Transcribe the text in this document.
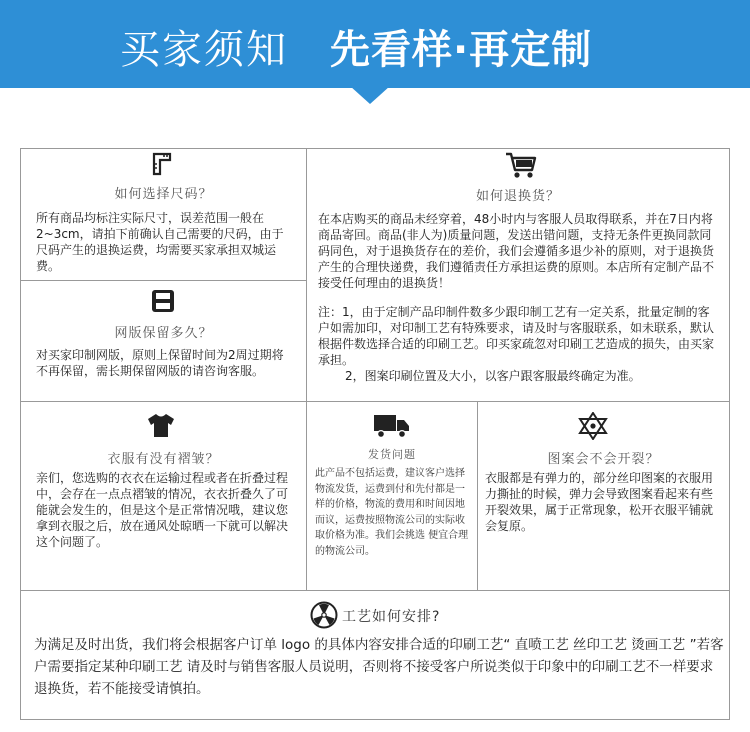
买家须知 先看样·再定制
如何选择尺码？
所有商品均标注实际尺寸，误差范围一般在2~3cm，请拍下前确认自己需要的尺码，由于尺码产生的退换运费，均需要买家承担双城运费。
如何退换货？
在本店购买的商品未经穿着，48小时内与客服人员取得联系，并在7日内将商品寄回。商品(非人为)质量问题，发送出错问题，支持无条件更换同款同码同色，对于退换货存在的差价，我们会遵循多退少补的原则，对于退换货产生的合理快递费，我们遵循责任方承担运费的原则。本店所有定制产品不接受任何理由的退换货！
注：1，由于定制产品印制件数多少跟印制工艺有一定关系，批量定制的客户如需加印，对印制工艺有特殊要求，请及时与客服联系，如未联系，默认根据件数选择合适的印刷工艺。印买家疏忽对印刷工艺造成的损失，由买家承担。
2，图案印刷位置及大小，以客户跟客服最终确定为准。
网版保留多久？
对买家印制网版，原则上保留时间为2周过期将不再保留，需长期保留网版的请咨询客服。
衣服有没有褶皱？
亲们，您选购的衣衣在运输过程或者在折叠过程中，会存在一点点褶皱的情况，衣衣折叠久了可能就会发生的，但是这个是正常情况哦，建议您拿到衣服之后，放在通风处晾晒一下就可以解决这个问题了。
发货问题
此产品不包括运费，建议客户选择物流发货，运费到付和先付都是一样的价格，物流的费用和时间因地而议，运费按照物流公司的实际收取价格为准。我们会挑选 便宜合理的物流公司。
图案会不会开裂？
衣服都是有弹力的，部分丝印图案的衣服用力撕扯的时候，弹力会导致图案看起来有些开裂效果，属于正常现象，松开衣服平铺就会复原。
工艺如何安排?
为满足及时出货，我们将会根据客户订单 logo 的具体内容安排合适的印刷工艺“ 直喷工艺 丝印工艺 烫画工艺 ”若客户需要指定某种印刷工艺 请及时与销售客服人员说明，否则将不接受客户所说类似于印象中的印刷工艺不一样要求退换货，若不能接受请慎拍。
